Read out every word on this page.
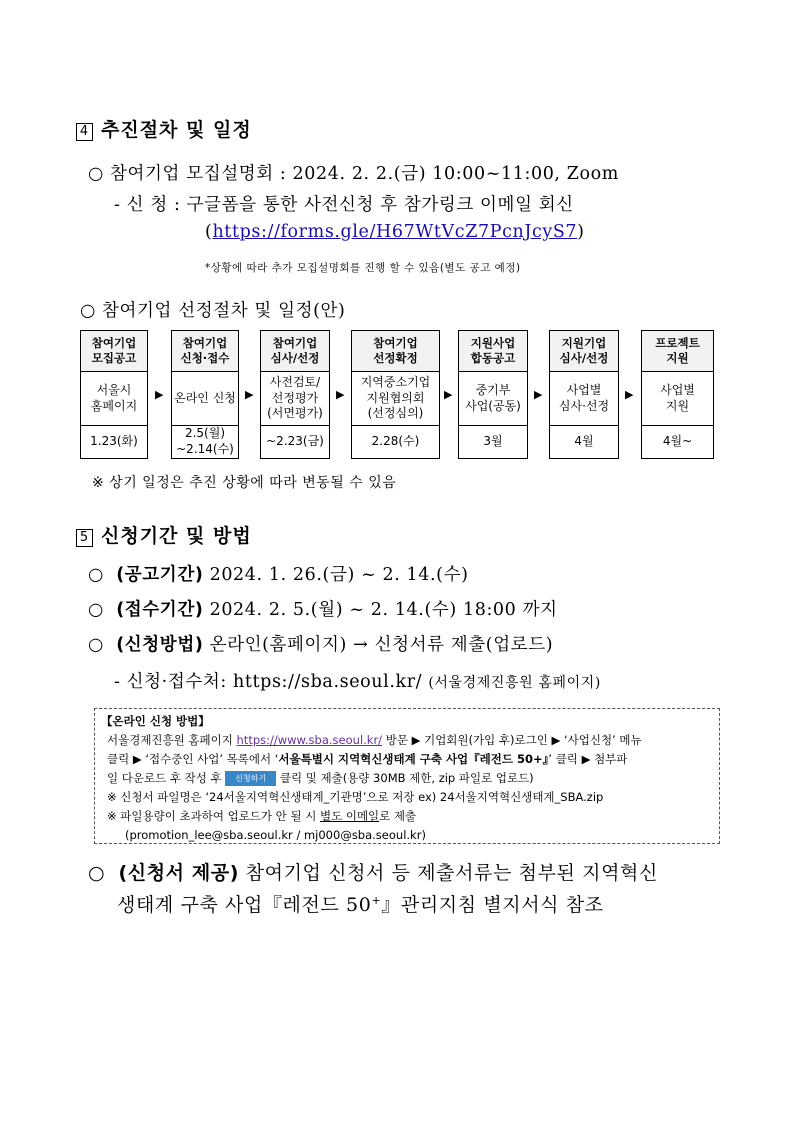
4 추진절차 및 일정
○ 참여기업 모집설명회 : 2024. 2. 2.(금) 10:00~11:00, Zoom
- 신 청 : 구글폼을 통한 사전신청 후 참가링크 이메일 회신
(https://forms.gle/H67WtVcZ7PcnJcyS7)
*상황에 따라 추가 모집설명회를 진행 할 수 있음(별도 공고 예정)
○ 참여기업 선정절차 및 일정(안)
참여기업
모집공고
서울시
홈페이지
1.23(화)
▶
참여기업
신청·접수
온라인 신청
2.5(월)
~2.14(수)
▶
참여기업
심사/선정
사전검토/
선정평가
(서면평가)
~2.23(금)
▶
참여기업
선정확정
지역중소기업
지원협의회
(선정심의)
2.28(수)
▶
지원사업
합동공고
중기부
사업(공동)
3월
▶
지원기업
심사/선정
사업별
심사·선정
4월
▶
프로젝트
지원
사업별
지원
4월~
※ 상기 일정은 추진 상황에 따라 변동될 수 있음
5 신청기간 및 방법
○  (공고기간) 2024. 1. 26.(금) ~ 2. 14.(수)
○  (접수기간) 2024. 2. 5.(월) ~ 2. 14.(수) 18:00 까지
○  (신청방법) 온라인(홈페이지) → 신청서류 제출(업로드)
- 신청·접수처: https://sba.seoul.kr/ (서울경제진흥원 홈페이지)
【온라인 신청 방법】
서울경제진흥원 홈페이지 https://www.sba.seoul.kr/ 방문 ▶ 기업회원(가입 후)로그인 ▶ ‘사업신청’ 메뉴
클릭 ▶ ‘접수중인 사업’ 목록에서 ‘서울특별시 지역혁신생태계 구축 사업『레전드 50+』’ 클릭 ▶ 첨부파
일 다운로드 후 작성 후 신청하기 클릭 및 제출(용량 30MB 제한, zip 파일로 업로드)
※ 신청서 파일명은 ‘24서울지역혁신생태계_기관명’으로 저장 ex) 24서울지역혁신생태계_SBA.zip
※ 파일용량이 초과하여 업로드가 안 될 시 별도 이메일로 제출
(promotion_lee@sba.seoul.kr / mj000@sba.seoul.kr)
○  (신청서 제공) 참여기업 신청서 등 제출서류는 첨부된 지역혁신
생태계 구축 사업『레전드 50+』관리지침 별지서식 참조
